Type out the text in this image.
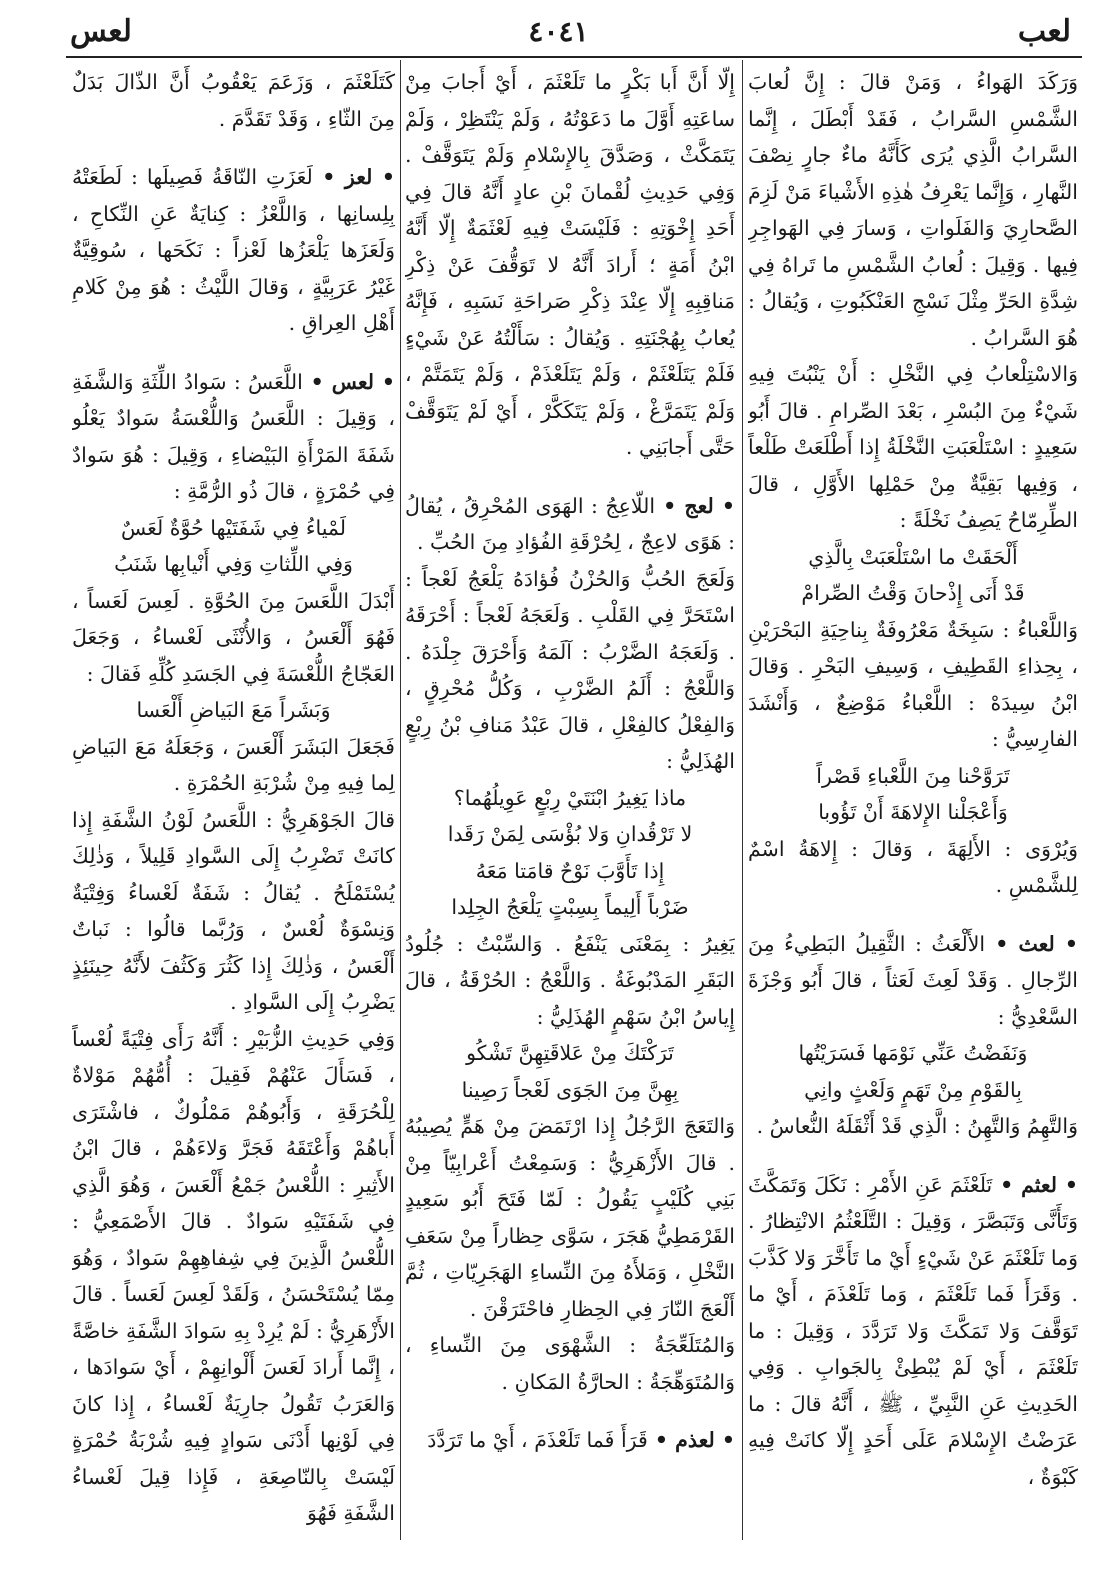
لعب
٤٠٤١
لعس

وَرَكَدَ الهَواءُ ، وَمَنْ قالَ : إِنَّ لُعابَ الشَّمْسِ السَّرابُ ، فَقَدْ أَبْطَلَ ، إِنَّما السَّرابُ الَّذِي يُرَى كَأَنَّهُ ماءٌ جارٍ نِصْفَ النَّهارِ ، وَإِنَّما يَعْرِفُ هٰذِهِ الأَشْياءَ مَنْ لَزِمَ الصَّحارِيَ وَالفَلَواتِ ، وَسارَ فِي الهَواجِرِ فِيها . وَقِيلَ : لُعابُ الشَّمْسِ ما تَراهُ فِي شِدَّةِ الحَرِّ مِثْلَ نَسْجِ العَنْكَبُوتِ ، وَيُقالُ : هُوَ السَّرابُ .

وَالاسْتِلْعابُ فِي النَّخْلِ : أَنْ يَنْبُتَ فِيهِ شَيْءٌ مِنَ البُسْرِ ، بَعْدَ الصِّرامِ . قالَ أَبُو سَعِيدٍ : اسْتَلْعَبَتِ النَّخْلَةُ إِذا أَطْلَعَتْ طَلْعاً ، وَفِيها بَقِيَّةٌ مِنْ حَمْلِها الأَوَّلِ ، قالَ الطِّرِمّاحُ يَصِفُ نَخْلَةً :

أَلْحَقَتْ ما اسْتَلْعَبَتْ بِالَّذِي

قَدْ أَنَى إِذْحانَ وَقْتُ الصِّرامْ

وَاللَّعْباءُ : سَبِخَةٌ مَعْرُوفَةٌ بِناحِيَةِ البَحْرَيْنِ ، بِحِذاءِ القَطِيفِ ، وَسِيفِ البَحْرِ . وَقالَ ابْنُ سِيدَهْ : اللَّعْباءُ مَوْضِعٌ ، وَأَنْشَدَ الفارِسِيُّ :

تَرَوَّحْنا مِنَ اللَّعْباءِ قَصْراً

وَأَعْجَلْنا الإِلاهَةَ أَنْ تَؤُوبا

وَيُرْوَى : الأَلِهَةَ ، وَقالَ : إِلاهَةُ اسْمٌ لِلشَّمْسِ .

• لعث • الأَلْعَثُ : الثَّقِيلُ البَطِيءُ مِنَ الرِّجالِ . وَقَدْ لَعِثَ لَعَثاً ، قالَ أَبُو وَجْزَةَ السَّعْدِيُّ :

وَنَفَضْتُ عَنِّي نَوْمَها فَسَرَيْتُها

بِالقَوْمِ مِنْ تَهَمٍ وَلَعْثٍ وانِي

وَالتَّهِمُ وَالتَّهِنُ : الَّذِي قَدْ أَثْقَلَهُ النُّعاسُ .

• لعثم • تَلَعْثَمَ عَنِ الأَمْرِ : نَكَلَ وَتَمَكَّثَ وَتَأَنَّى وَتَبَصَّرَ ، وَقِيلَ : التَّلَعْثُمُ الانْتِظارُ . وَما تَلَعْثَمَ عَنْ شَيْءٍ أَيْ ما تَأَخَّرَ وَلا كَذَّبَ . وَقَرَأَ فَما تَلَعْثَمَ ، وَما تَلَعْذَمَ ، أَيْ ما تَوَقَّفَ وَلا تَمَكَّثَ وَلا تَرَدَّدَ ، وَقِيلَ : ما تَلَعْثَمَ ، أَيْ لَمْ يُبْطِئْ بِالجَوابِ . وَفِي الحَدِيثِ عَنِ النَّبِيِّ ، ﷺ ، أَنَّهُ قالَ : ما عَرَضْتُ الإِسْلامَ عَلَى أَحَدٍ إِلّا كانَتْ فِيهِ كَبْوَةٌ ،

إِلّا أَنَّ أَبا بَكْرٍ ما تَلَعْثَمَ ، أَيْ أَجابَ مِنْ ساعَتِهِ أَوَّلَ ما دَعَوْتُهُ ، وَلَمْ يَنْتَظِرْ ، وَلَمْ يَتَمَكَّثْ ، وَصَدَّقَ بِالإِسْلامِ وَلَمْ يَتَوَقَّفْ . وَفِي حَدِيثِ لُقْمانَ بْنِ عادٍ أَنَّهُ قالَ فِي أَحَدِ إِخْوَتِهِ : فَلَيْسَتْ فِيهِ لَعْثَمَةٌ إِلّا أَنَّهُ ابْنُ أَمَةٍ ؛ أَرادَ أَنَّهُ لا تَوَقُّفَ عَنْ ذِكْرِ مَناقِبِهِ إِلّا عِنْدَ ذِكْرِ صَراحَةِ نَسَبِهِ ، فَإِنَّهُ يُعابُ بِهُجْنَتِهِ . وَيُقالُ : سَأَلْتُهُ عَنْ شَيْءٍ فَلَمْ يَتَلَعْثَمْ ، وَلَمْ يَتَلَعْذَمْ ، وَلَمْ يَتَمَتَّمْ ، وَلَمْ يَتَمَرَّغْ ، وَلَمْ يَتَكَكَّرْ ، أَيْ لَمْ يَتَوَقَّفْ حَتَّى أَجابَنِي .

• لعج • اللّاعِجُ : الهَوَى المُحْرِقُ ، يُقالُ : هَوًى لاعِجٌ ، لِحُرْقَةِ الفُؤادِ مِنَ الحُبِّ .

وَلَعَجَ الحُبُّ وَالحُزْنُ فُؤادَهُ يَلْعَجُ لَعْجاً : اسْتَحَرَّ فِي القَلْبِ . وَلَعَجَهُ لَعْجاً : أَحْرَقَهُ . وَلَعَجَهُ الضَّرْبُ : آلَمَهُ وَأَحْرَقَ جِلْدَهُ . وَاللَّعْجُ : أَلَمُ الضَّرْبِ ، وَكُلُّ مُحْرِقٍ ، وَالفِعْلُ كالفِعْلِ ، قالَ عَبْدُ مَنافِ بْنُ رِبْعٍ الهُذَلِيُّ :

ماذا يَغِيرُ ابْنَتَيْ رِبْعٍ عَوِيلُهُما؟

لا تَرْقُدانِ وَلا بُؤْسَى لِمَنْ رَقَدا

إِذا تَأَوَّبَ نَوْحٌ قامَتا مَعَهُ

ضَرْباً أَلِيماً بِسِبْتٍ يَلْعَجُ الجِلِدا

يَغِيرُ : بِمَعْنَى يَنْفَعُ . وَالسِّبْتُ : جُلُودُ البَقَرِ المَدْبُوغَةُ . وَاللَّعْجُ : الحُرْقَةُ ، قالَ إِياسُ ابْنُ سَهْمٍ الهُذَلِيُّ :

تَرَكْتَكَ مِنْ عَلاقَتِهِنَّ تَشْكُو

بِهِنَّ مِنَ الجَوَى لَعْجاً رَصِينا

وَالتَعَجَ الرَّجُلُ إِذا ارْتَمَضَ مِنْ هَمٍّ يُصِيبُهُ . قالَ الأَزْهَرِيُّ : وَسَمِعْتُ أَعْرابِيّاً مِنْ بَنِي كُلَيْبٍ يَقُولُ : لَمّا فَتَحَ أَبُو سَعِيدٍ القَرْمَطِيُّ هَجَرَ ، سَوَّى حِظاراً مِنْ سَعَفِ النَّخْلِ ، وَمَلأَهُ مِنَ النِّساءِ الهَجَرِيّاتِ ، ثُمَّ أَلْعَجَ النّارَ فِي الحِظارِ فاحْتَرَقْنَ .

وَالمُتَلَعِّجَةُ : الشَّهْوَى مِنَ النِّساءِ ، وَالمُتَوَهِّجَةُ : الحارَّةُ المَكانِ .

• لعذم • قَرَأَ فَما تَلَعْذَمَ ، أَيْ ما تَرَدَّدَ

كَتَلَعْثَمَ ، وَزَعَمَ يَعْقُوبُ أَنَّ الذّالَ بَدَلٌ مِنَ الثّاءِ ، وَقَدْ تَقَدَّمَ .

• لعز • لَعَزَتِ النّاقَةُ فَصِيلَها : لَطَعَتْهُ بِلِسانِها ، وَاللَّعْزُ : كِنايَةٌ عَنِ النِّكاحِ ، وَلَعَزَها يَلْعَزُها لَعْزاً : نَكَحَها ، سُوقِيَّةٌ غَيْرُ عَرَبِيَّةٍ ، وَقالَ اللَّيْثُ : هُوَ مِنْ كَلامِ أَهْلِ العِراقِ .

• لعس • اللَّعَسُ : سَوادُ اللِّثَةِ وَالشَّفَةِ ، وَقِيلَ : اللَّعَسُ وَاللُّعْسَةُ سَوادٌ يَعْلُو شَفَةَ المَرْأَةِ البَيْضاءِ ، وَقِيلَ : هُوَ سَوادٌ فِي حُمْرَةٍ ، قالَ ذُو الرُّمَّةِ :

لَمْياءُ فِي شَفَتَيْها حُوَّةٌ لَعَسٌ

وَفِي اللِّثاتِ وَفِي أَنْيابِها شَنَبُ

أَبْدَلَ اللَّعَسَ مِنَ الحُوَّةِ . لَعِسَ لَعَساً ، فَهُوَ أَلْعَسُ ، وَالأُنْثَى لَعْساءُ ، وَجَعَلَ العَجّاجُ اللُّعْسَةَ فِي الجَسَدِ كُلِّهِ فَقالَ :

وَبَشَراً مَعَ البَياضِ أَلْعَسا

فَجَعَلَ البَشَرَ أَلْعَسَ ، وَجَعَلَهُ مَعَ البَياضِ لِما فِيهِ مِنْ شُرْبَةِ الحُمْرَةِ .

قالَ الجَوْهَرِيُّ : اللَّعَسُ لَوْنُ الشَّفَةِ إِذا كانَتْ تَضْرِبُ إِلَى السَّوادِ قَلِيلاً ، وَذٰلِكَ يُسْتَمْلَحُ . يُقالُ : شَفَةٌ لَعْساءُ وَفِتْيَةٌ وَنِسْوَةٌ لُعْسٌ ، وَرُبَّما قالُوا : نَباتٌ أَلْعَسُ ، وَذٰلِكَ إِذا كَثُرَ وَكَثُفَ لأَنَّهُ حِينَئِذٍ يَضْرِبُ إِلَى السَّوادِ .

وَفِي حَدِيثِ الزُّبَيْرِ : أَنَّهُ رَأَى فِتْيَةً لُعْساً ، فَسَأَلَ عَنْهُمْ فَقِيلَ : أُمُّهُمْ مَوْلاةٌ لِلْحُرَقَةِ ، وَأَبُوهُمْ مَمْلُوكٌ ، فاشْتَرَى أَباهُمْ وَأَعْتَقَهُ فَجَرَّ وَلاءَهُمْ ، قالَ ابْنُ الأَثِيرِ : اللُّعْسُ جَمْعُ أَلْعَسَ ، وَهُوَ الَّذِي فِي شَفَتَيْهِ سَوادٌ . قالَ الأَصْمَعِيُّ : اللُّعْسُ الَّذِينَ فِي شِفاهِهِمْ سَوادٌ ، وَهُوَ مِمّا يُسْتَحْسَنُ ، وَلَقَدْ لَعِسَ لَعَساً . قالَ الأَزْهَرِيُّ : لَمْ يُرِدْ بِهِ سَوادَ الشَّفَةِ خاصَّةً ، إِنَّما أَرادَ لَعَسَ أَلْوانِهِمْ ، أَيْ سَوادَها ، وَالعَرَبُ تَقُولُ جارِيَةٌ لَعْساءُ ، إِذا كانَ فِي لَوْنِها أَدْنَى سَوادٍ فِيهِ شُرْبَةُ حُمْرَةٍ لَيْسَتْ بِالنّاصِعَةِ ، فَإِذا قِيلَ لَعْساءُ الشَّفَةِ فَهُوَ
